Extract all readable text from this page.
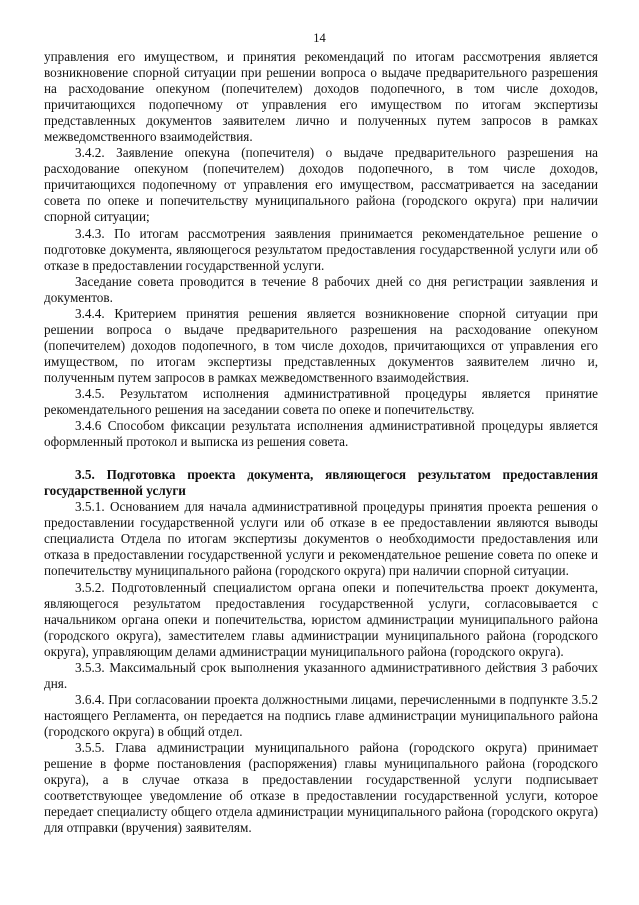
14

управления его имуществом, и принятия рекомендаций по итогам рассмотрения является возникновение спорной ситуации при решении вопроса о выдаче предварительного разрешения на расходование опекуном (попечителем) доходов подопечного, в том числе доходов, причитающихся подопечному от управления его имуществом по итогам экспертизы представленных документов заявителем лично и полученных путем запросов в рамках межведомственного взаимодействия.

3.4.2. Заявление опекуна (попечителя) о выдаче предварительного разрешения на расходование опекуном (попечителем) доходов подопечного, в том числе доходов, причитающихся подопечному от управления его имуществом, рассматривается на заседании совета по опеке и попечительству муниципального района (городского округа) при наличии спорной ситуации;

3.4.3. По итогам рассмотрения заявления принимается рекомендательное решение о подготовке документа, являющегося результатом предоставления государственной услуги или об отказе в предоставлении государственной услуги.

Заседание совета проводится в течение 8 рабочих дней со дня регистрации заявления и документов.

3.4.4. Критерием принятия решения является возникновение спорной ситуации при решении вопроса о выдаче предварительного разрешения на расходование опекуном (попечителем) доходов подопечного, в том числе доходов, причитающихся от управления его имуществом, по итогам экспертизы представленных документов заявителем лично и, полученным путем запросов в рамках межведомственного взаимодействия.

3.4.5. Результатом исполнения административной процедуры является принятие рекомендательного решения на заседании совета по опеке и попечительству.

3.4.6 Способом фиксации результата исполнения административной процедуры является оформленный протокол и выписка из решения совета.

3.5. Подготовка проекта документа, являющегося результатом предоставления государственной услуги

3.5.1. Основанием для начала административной процедуры принятия проекта решения о предоставлении государственной услуги или об отказе в ее предоставлении являются выводы специалиста Отдела по итогам экспертизы документов о необходимости предоставления или отказа в предоставлении государственной услуги и рекомендательное решение совета по опеке и попечительству муниципального района (городского округа) при наличии спорной ситуации.

3.5.2. Подготовленный специалистом органа опеки и попечительства проект документа, являющегося результатом предоставления государственной услуги, согласовывается с начальником органа опеки и попечительства, юристом администрации муниципального района (городского округа), заместителем главы администрации муниципального района (городского округа), управляющим делами администрации муниципального района (городского округа).

3.5.3. Максимальный срок выполнения указанного административного действия 3 рабочих дня.

3.6.4. При согласовании проекта должностными лицами, перечисленными в подпункте 3.5.2 настоящего Регламента, он передается на подпись главе администрации муниципального района (городского округа) в общий отдел.

3.5.5. Глава администрации муниципального района (городского округа) принимает решение в форме постановления (распоряжения) главы муниципального района (городского округа), а в случае отказа в предоставлении государственной услуги подписывает соответствующее уведомление об отказе в предоставлении государственной услуги, которое передает специалисту общего отдела администрации муниципального района (городского округа) для отправки (вручения) заявителям.
